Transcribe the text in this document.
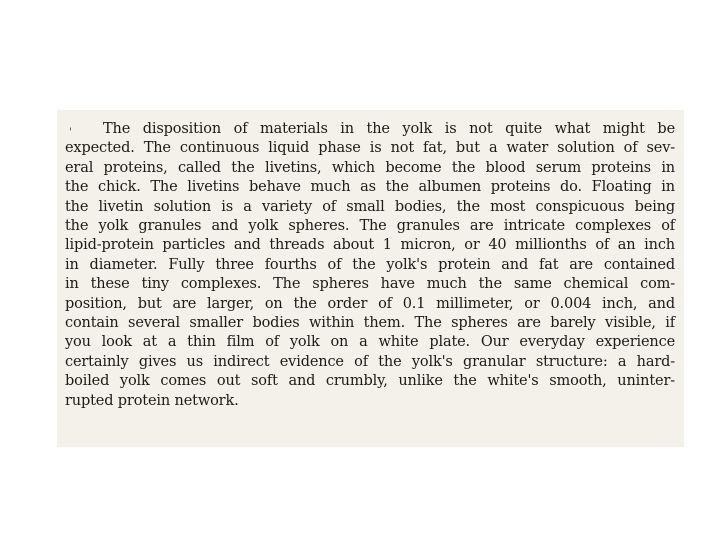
' The disposition of materials in the yolk is not quite what might be
expected. The continuous liquid phase is not fat, but a water solution of sev-
eral proteins, called the livetins, which become the blood serum proteins in
the chick. The livetins behave much as the albumen proteins do. Floating in
the livetin solution is a variety of small bodies, the most conspicuous being
the yolk granules and yolk spheres. The granules are intricate complexes of
lipid-protein particles and threads about 1 micron, or 40 millionths of an inch
in diameter. Fully three fourths of the yolk's protein and fat are contained
in these tiny complexes. The spheres have much the same chemical com-
position, but are larger, on the order of 0.1 millimeter, or 0.004 inch, and
contain several smaller bodies within them. The spheres are barely visible, if
you look at a thin film of yolk on a white plate. Our everyday experience
certainly gives us indirect evidence of the yolk's granular structure: a hard-
boiled yolk comes out soft and crumbly, unlike the white's smooth, uninter-
rupted protein network.
